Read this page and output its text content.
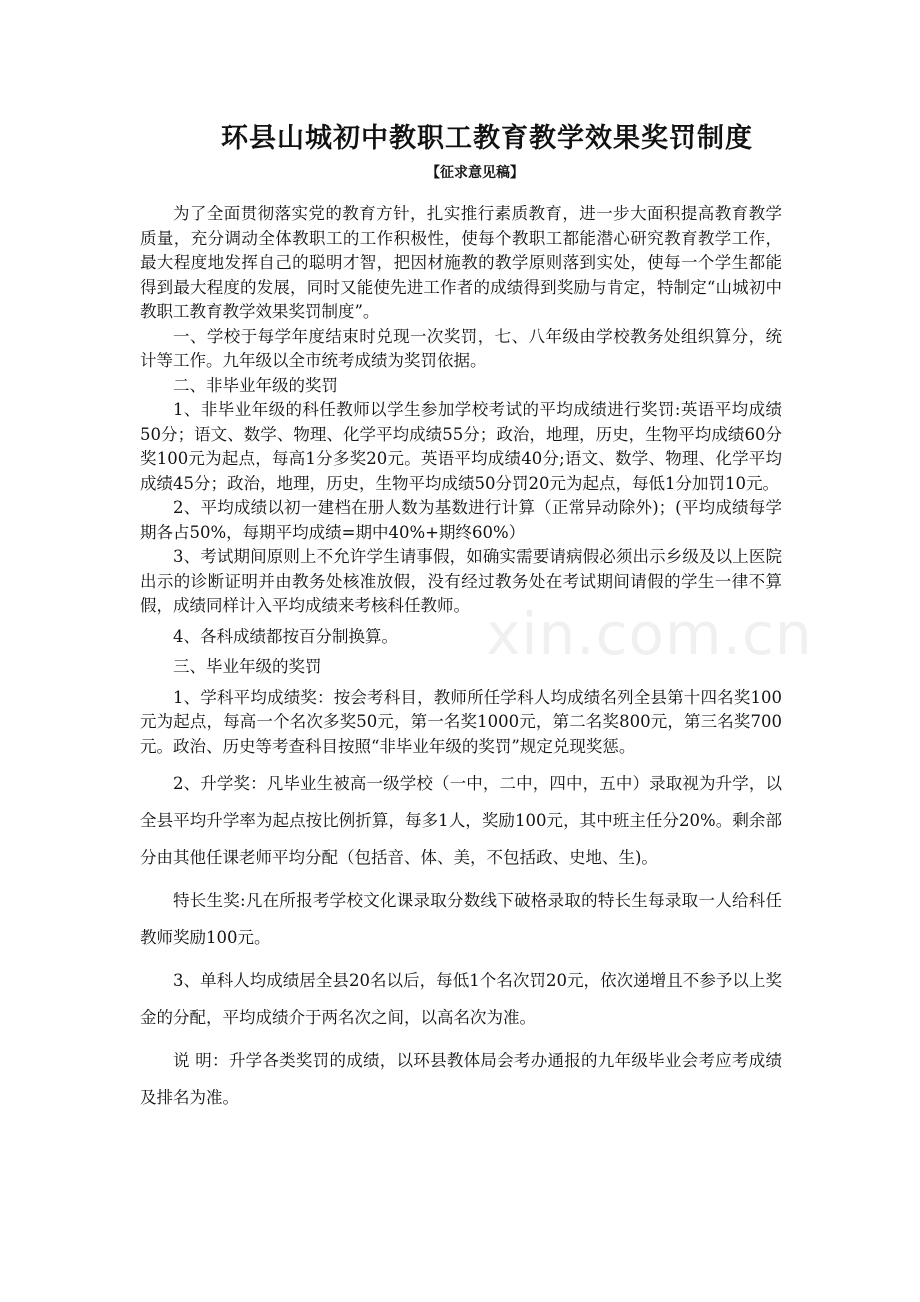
环县山城初中教职工教育教学效果奖罚制度
【征求意见稿】

为了全面贯彻落实党的教育方针，扎实推行素质教育，进一步大面积提高教育教学质量，充分调动全体教职工的工作积极性，使每个教职工都能潜心研究教育教学工作，最大程度地发挥自己的聪明才智，把因材施教的教学原则落到实处，使每一个学生都能得到最大程度的发展，同时又能使先进工作者的成绩得到奖励与肯定，特制定“山城初中教职工教育教学效果奖罚制度”。

一、学校于每学年度结束时兑现一次奖罚，七、八年级由学校教务处组织算分，统计等工作。九年级以全市统考成绩为奖罚依据。

二、非毕业年级的奖罚

1、非毕业年级的科任教师以学生参加学校考试的平均成绩进行奖罚:英语平均成绩50分；语文、数学、物理、化学平均成绩55分；政治，地理，历史，生物平均成绩60分奖100元为起点，每高1分多奖20元。英语平均成绩40分;语文、数学、物理、化学平均成绩45分；政治，地理，历史，生物平均成绩50分罚20元为起点，每低1分加罚10元。

2、平均成绩以初一建档在册人数为基数进行计算（正常异动除外)；(平均成绩每学期各占50%，每期平均成绩=期中40%+期终60%）

3、考试期间原则上不允许学生请事假，如确实需要请病假必须出示乡级及以上医院出示的诊断证明并由教务处核准放假，没有经过教务处在考试期间请假的学生一律不算假，成绩同样计入平均成绩来考核科任教师。

4、各科成绩都按百分制换算。

三、毕业年级的奖罚

1、学科平均成绩奖：按会考科目，教师所任学科人均成绩名列全县第十四名奖100元为起点，每高一个名次多奖50元，第一名奖1000元，第二名奖800元，第三名奖700元。政治、历史等考查科目按照“非毕业年级的奖罚”规定兑现奖惩。

2、升学奖：凡毕业生被高一级学校（一中，二中，四中，五中）录取视为升学，以全县平均升学率为起点按比例折算，每多1人，奖励100元，其中班主任分20%。剩余部分由其他任课老师平均分配（包括音、体、美，不包括政、史地、生)。

特长生奖:凡在所报考学校文化课录取分数线下破格录取的特长生每录取一人给科任教师奖励100元。

3、单科人均成绩居全县20名以后，每低1个名次罚20元，依次递增且不参予以上奖金的分配，平均成绩介于两名次之间，以高名次为准。

说 明：升学各类奖罚的成绩，以环县教体局会考办通报的九年级毕业会考应考成绩及排名为准。

xin.com.cn
